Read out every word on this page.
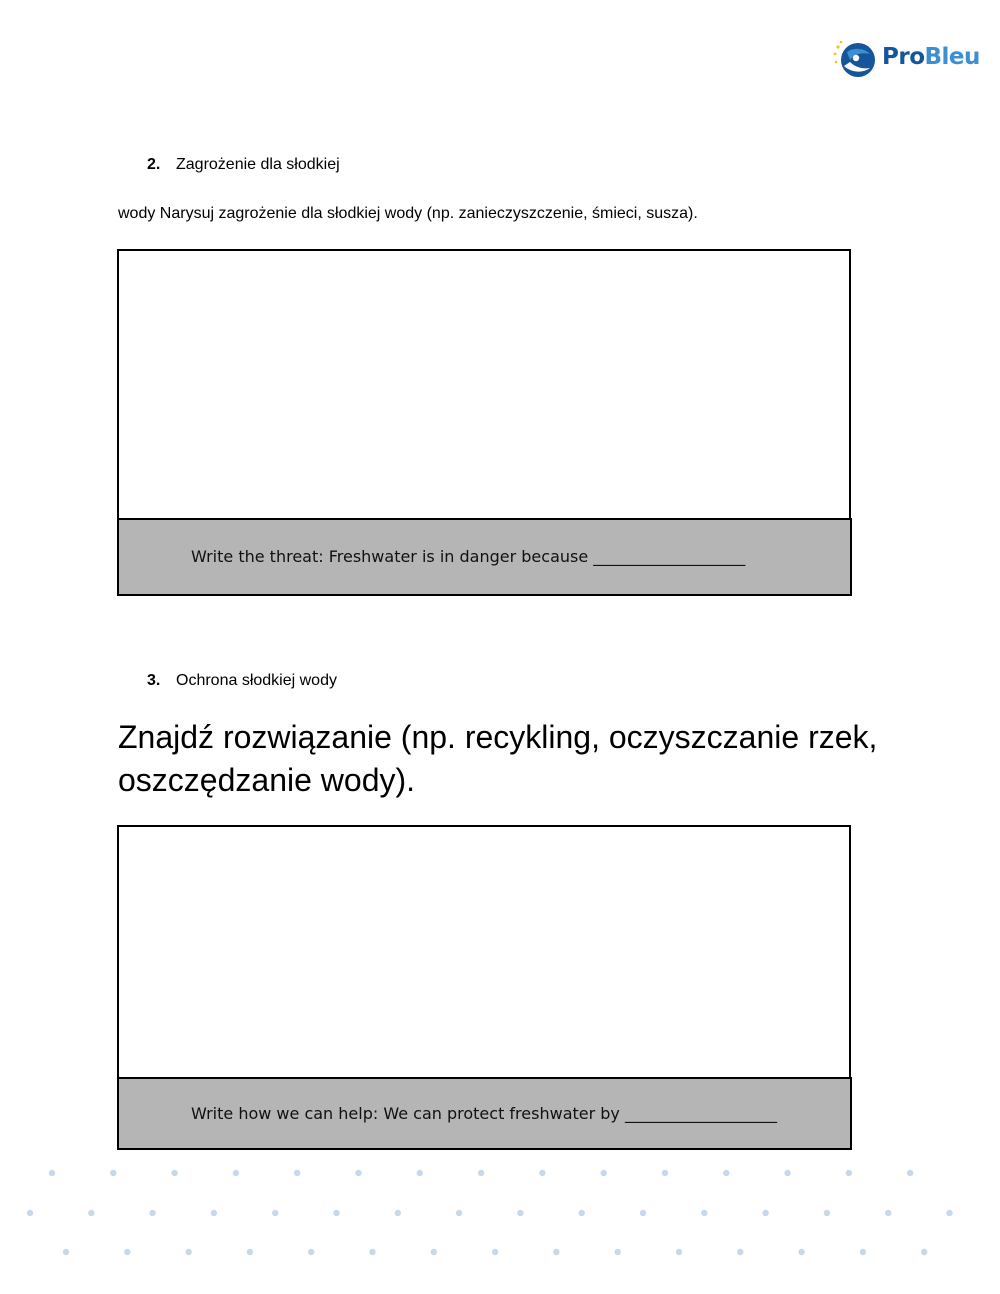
ProBleu
2. Zagrożenie dla słodkiej
wody Narysuj zagrożenie dla słodkiej wody (np. zanieczyszczenie, śmieci, susza).
Write the threat: Freshwater is in danger because ___________________
3. Ochrona słodkiej wody
Znajdź rozwiązanie (np. recykling, oczyszczanie rzek, oszczędzanie wody).
Write how we can help: We can protect freshwater by ___________________
